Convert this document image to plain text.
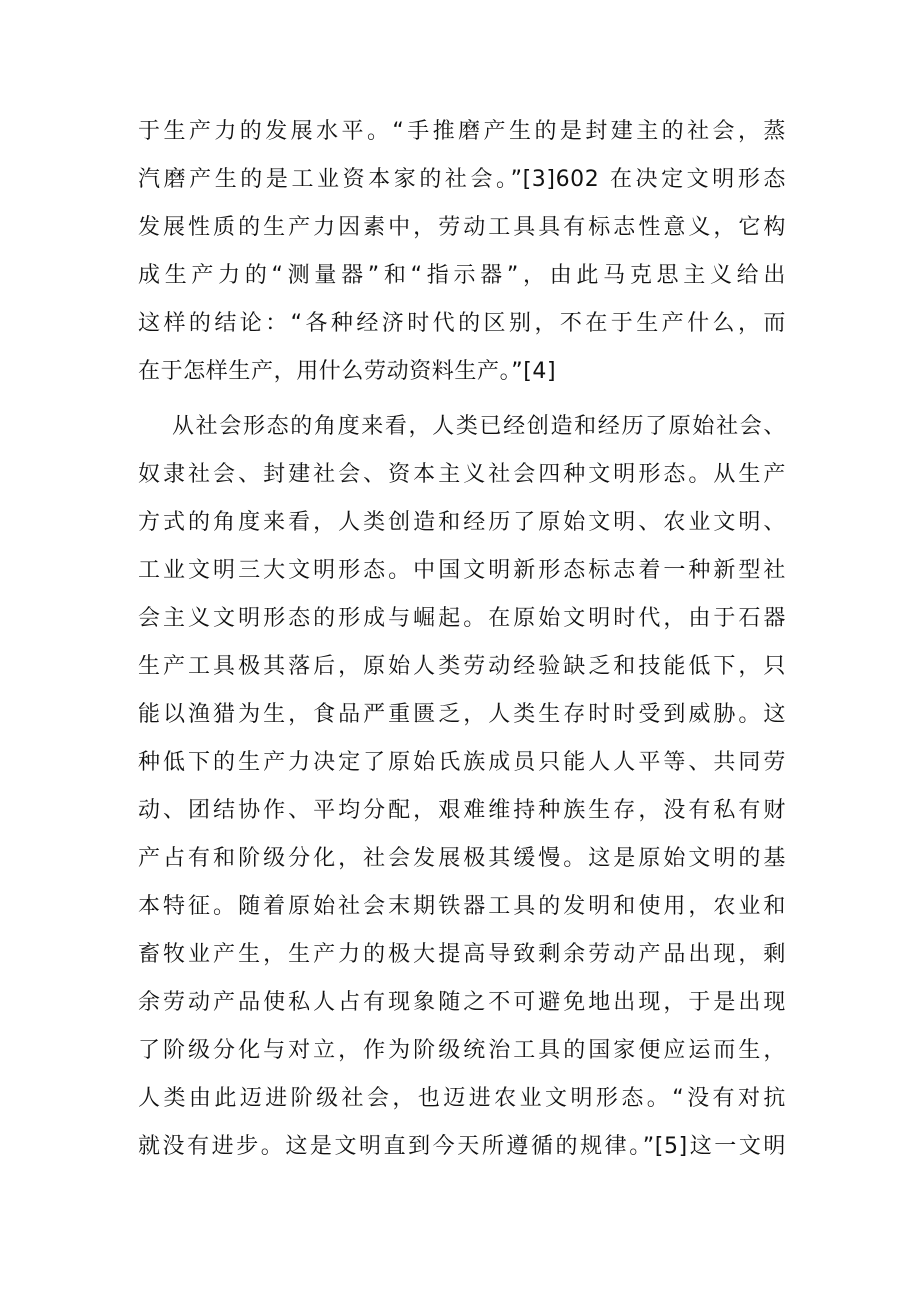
于生产力的发展水平。“手推磨产生的是封建主的社会，蒸
汽磨产生的是工业资本家的社会。”[3]602 在决定文明形态
发展性质的生产力因素中，劳动工具具有标志性意义，它构
成生产力的“测量器”和“指示器”，由此马克思主义给出
这样的结论：“各种经济时代的区别，不在于生产什么，而
在于怎样生产，用什么劳动资料生产。”[4]
从社会形态的角度来看，人类已经创造和经历了原始社会、
奴隶社会、封建社会、资本主义社会四种文明形态。从生产
方式的角度来看，人类创造和经历了原始文明、农业文明、
工业文明三大文明形态。中国文明新形态标志着一种新型社
会主义文明形态的形成与崛起。在原始文明时代，由于石器
生产工具极其落后，原始人类劳动经验缺乏和技能低下，只
能以渔猎为生，食品严重匮乏，人类生存时时受到威胁。这
种低下的生产力决定了原始氏族成员只能人人平等、共同劳
动、团结协作、平均分配，艰难维持种族生存，没有私有财
产占有和阶级分化，社会发展极其缓慢。这是原始文明的基
本特征。随着原始社会末期铁器工具的发明和使用，农业和
畜牧业产生，生产力的极大提高导致剩余劳动产品出现，剩
余劳动产品使私人占有现象随之不可避免地出现，于是出现
了阶级分化与对立，作为阶级统治工具的国家便应运而生，
人类由此迈进阶级社会，也迈进农业文明形态。“没有对抗
就没有进步。这是文明直到今天所遵循的规律。”[5]这一文明
